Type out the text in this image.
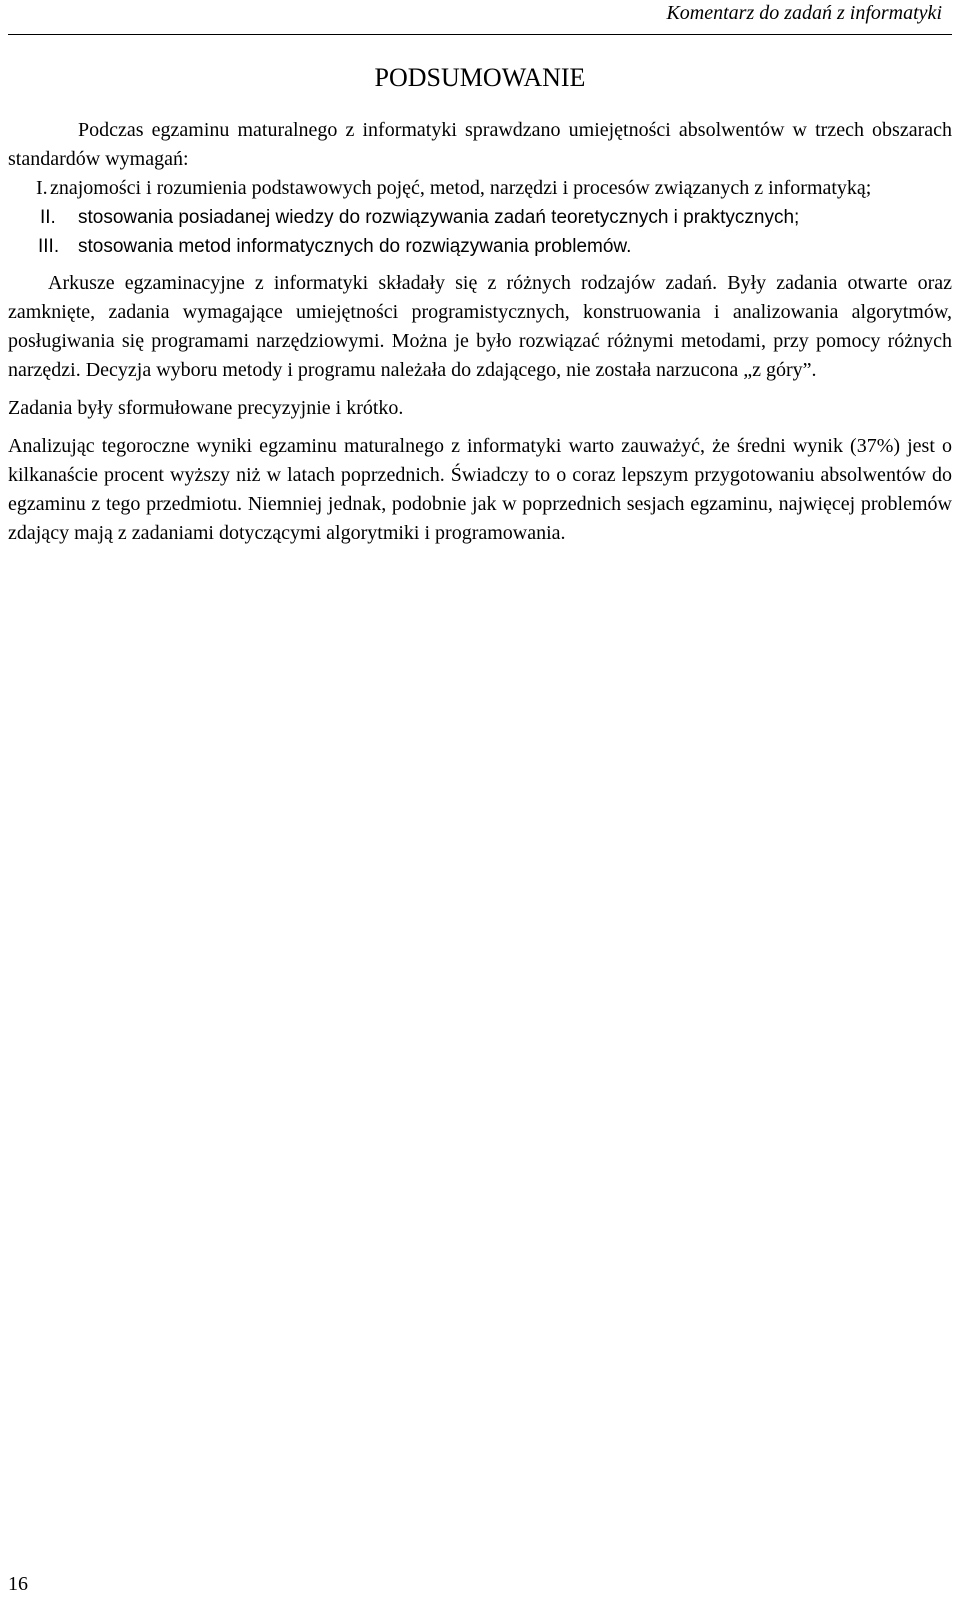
Komentarz do zadań z informatyki
PODSUMOWANIE

Podczas egzaminu maturalnego z informatyki sprawdzano umiejętności absolwentów w trzech obszarach standardów wymagań:

I. znajomości i rozumienia podstawowych pojęć, metod, narzędzi i procesów związanych z informatyką;
II.	stosowania posiadanej wiedzy do rozwiązywania zadań teoretycznych i praktycznych;
III. stosowania metod informatycznych do rozwiązywania problemów.

Arkusze egzaminacyjne z informatyki składały się z różnych rodzajów zadań. Były zadania otwarte oraz zamknięte, zadania wymagające umiejętności programistycznych, konstruowania i analizowania algorytmów, posługiwania się programami narzędziowymi. Można je było rozwiązać różnymi metodami, przy pomocy różnych narzędzi. Decyzja wyboru metody i programu należała do zdającego, nie została narzucona „z góry”.

Zadania były sformułowane precyzyjnie i krótko.

Analizując tegoroczne wyniki egzaminu maturalnego z informatyki warto zauważyć, że średni wynik (37%) jest o kilkanaście procent wyższy niż w latach poprzednich. Świadczy to o coraz lepszym przygotowaniu absolwentów do egzaminu z tego przedmiotu. Niemniej jednak, podobnie jak w poprzednich sesjach egzaminu, najwięcej problemów zdający mają z zadaniami dotyczącymi algorytmiki i programowania.

16
